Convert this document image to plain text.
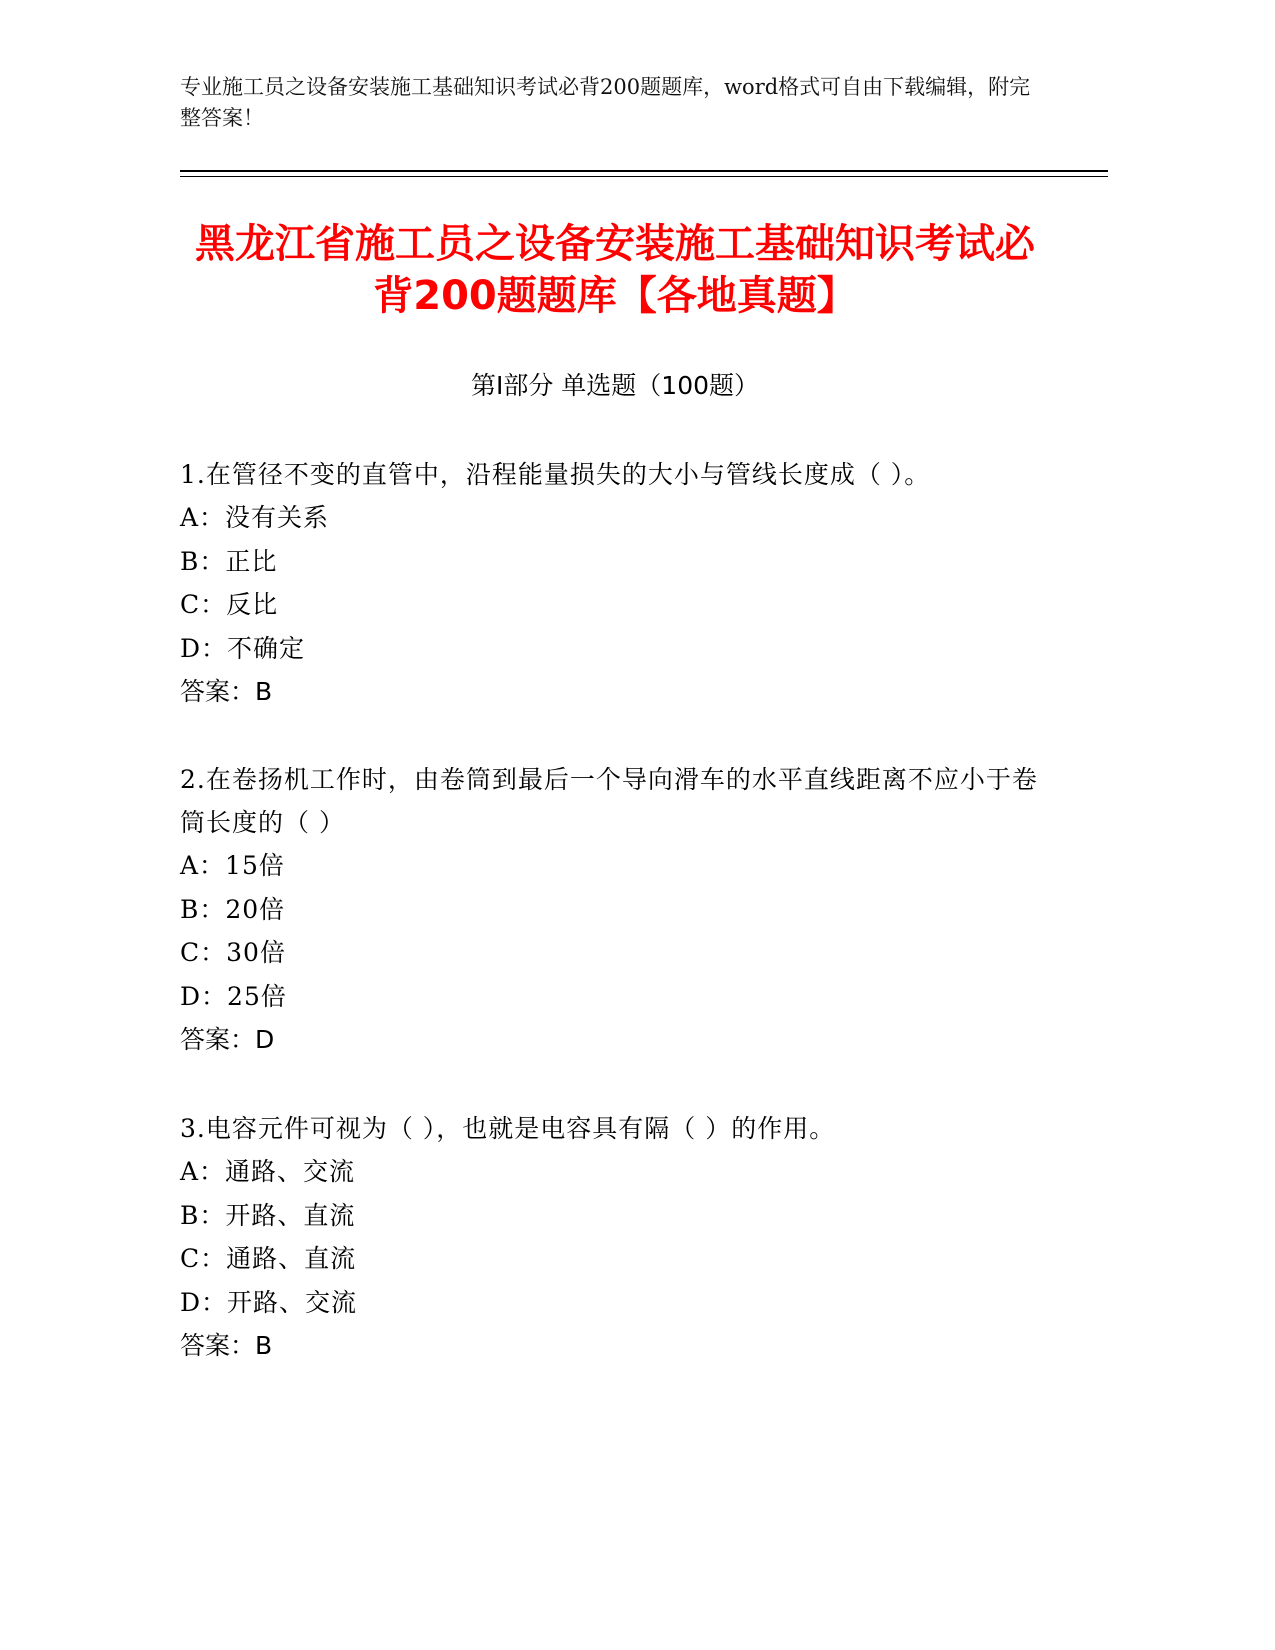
专业施工员之设备安装施工基础知识考试必背200题题库，word格式可自由下载编辑，附完整答案！
黑龙江省施工员之设备安装施工基础知识考试必背200题题库【各地真题】
第I部分 单选题（100题）
1.在管径不变的直管中，沿程能量损失的大小与管线长度成（ ）。
A：没有关系
B：正比
C：反比
D：不确定
答案：B
2.在卷扬机工作时，由卷筒到最后一个导向滑车的水平直线距离不应小于卷筒长度的（ ）
A：15倍
B：20倍
C：30倍
D：25倍
答案：D
3.电容元件可视为（ ），也就是电容具有隔（ ）的作用。
A：通路、交流
B：开路、直流
C：通路、直流
D：开路、交流
答案：B
